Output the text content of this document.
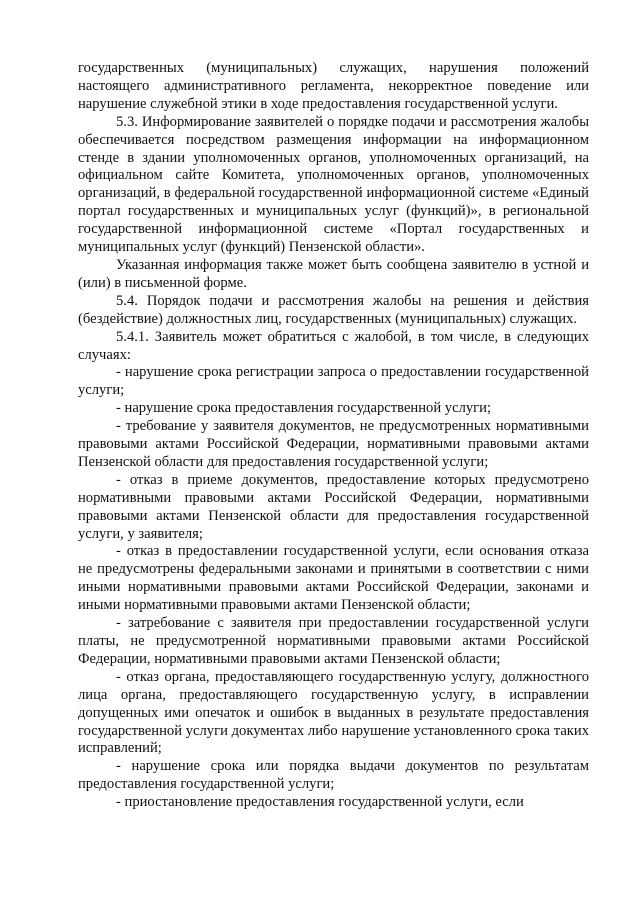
государственных (муниципальных) служащих, нарушения положений настоящего административного регламента, некорректное поведение или нарушение служебной этики в ходе предоставления государственной услуги.

5.3. Информирование заявителей о порядке подачи и рассмотрения жалобы обеспечивается посредством размещения информации на информационном стенде в здании уполномоченных органов, уполномоченных организаций, на официальном сайте Комитета, уполномоченных органов, уполномоченных организаций, в федеральной государственной информационной системе «Единый портал государственных и муниципальных услуг (функций)», в региональной государственной информационной системе «Портал государственных и муниципальных услуг (функций) Пензенской области».

Указанная информация также может быть сообщена заявителю в устной и (или) в письменной форме.

5.4. Порядок подачи и рассмотрения жалобы на решения и действия (бездействие) должностных лиц, государственных (муниципальных) служащих.

5.4.1. Заявитель может обратиться с жалобой, в том числе, в следующих случаях:

- нарушение срока регистрации запроса о предоставлении государственной услуги;

- нарушение срока предоставления государственной услуги;

- требование у заявителя документов, не предусмотренных нормативными правовыми актами Российской Федерации, нормативными правовыми актами Пензенской области для предоставления государственной услуги;

- отказ в приеме документов, предоставление которых предусмотрено нормативными правовыми актами Российской Федерации, нормативными правовыми актами Пензенской области для предоставления государственной услуги, у заявителя;

- отказ в предоставлении государственной услуги, если основания отказа не предусмотрены федеральными законами и принятыми в соответствии с ними иными нормативными правовыми актами Российской Федерации, законами и иными нормативными правовыми актами Пензенской области;

- затребование с заявителя при предоставлении государственной услуги платы, не предусмотренной нормативными правовыми актами Российской Федерации, нормативными правовыми актами Пензенской области;

- отказ органа, предоставляющего государственную услугу, должностного лица органа, предоставляющего государственную услугу, в исправлении допущенных ими опечаток и ошибок в выданных в результате предоставления государственной услуги документах либо нарушение установленного срока таких исправлений;

- нарушение срока или порядка выдачи документов по результатам предоставления государственной услуги;

- приостановление предоставления государственной услуги, если
